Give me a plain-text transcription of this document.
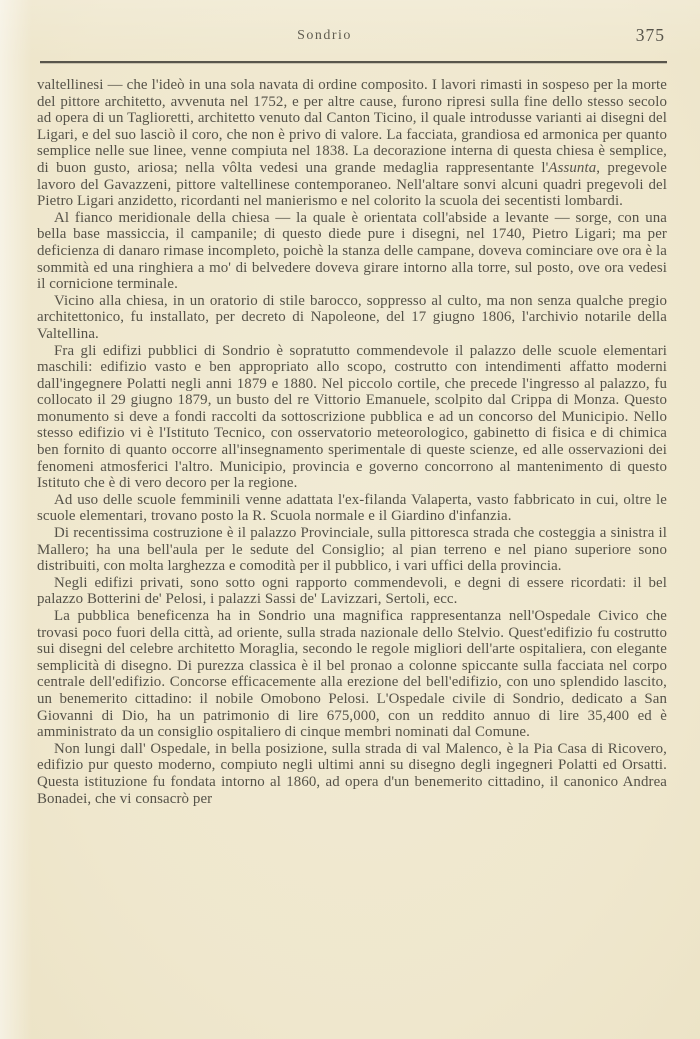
Sondrio	375

valtellinesi — che l'ideò in una sola navata di ordine composito. I lavori rimasti in sospeso per la morte del pittore architetto, avvenuta nel 1752, e per altre cause, furono ripresi sulla fine dello stesso secolo ad opera di un Taglioretti, architetto venuto dal Canton Ticino, il quale introdusse varianti ai disegni del Ligari, e del suo lasciò il coro, che non è privo di valore. La facciata, grandiosa ed armonica per quanto semplice nelle sue linee, venne compiuta nel 1838. La decorazione interna di questa chiesa è semplice, di buon gusto, ariosa; nella vôlta vedesi una grande medaglia rappresentante l'Assunta, pregevole lavoro del Gavazzeni, pittore valtellinese contemporaneo. Nell'altare sonvi alcuni quadri pregevoli del Pietro Ligari anzidetto, ricordanti nel manierismo e nel colorito la scuola dei secentisti lombardi.

Al fianco meridionale della chiesa — la quale è orientata coll'abside a levante — sorge, con una bella base massiccia, il campanile; di questo diede pure i disegni, nel 1740, Pietro Ligari; ma per deficienza di danaro rimase incompleto, poichè la stanza delle campane, doveva cominciare ove ora è la sommità ed una ringhiera a mo' di belvedere doveva girare intorno alla torre, sul posto, ove ora vedesi il cornicione terminale.

Vicino alla chiesa, in un oratorio di stile barocco, soppresso al culto, ma non senza qualche pregio architettonico, fu installato, per decreto di Napoleone, del 17 giugno 1806, l'archivio notarile della Valtellina.

Fra gli edifizi pubblici di Sondrio è sopratutto commendevole il palazzo delle scuole elementari maschili: edifizio vasto e ben appropriato allo scopo, costrutto con intendimenti affatto moderni dall'ingegnere Polatti negli anni 1879 e 1880. Nel piccolo cortile, che precede l'ingresso al palazzo, fu collocato il 29 giugno 1879, un busto del re Vittorio Emanuele, scolpito dal Crippa di Monza. Questo monumento si deve a fondi raccolti da sottoscrizione pubblica e ad un concorso del Municipio. Nello stesso edifizio vi è l'Istituto Tecnico, con osservatorio meteorologico, gabinetto di fisica e di chimica ben fornito di quanto occorre all'insegnamento sperimentale di queste scienze, ed alle osservazioni dei fenomeni atmosferici l'altro. Municipio, provincia e governo concorrono al mantenimento di questo Istituto che è di vero decoro per la regione.

Ad uso delle scuole femminili venne adattata l'ex-filanda Valaperta, vasto fabbricato in cui, oltre le scuole elementari, trovano posto la R. Scuola normale e il Giardino d'infanzia.

Di recentissima costruzione è il palazzo Provinciale, sulla pittoresca strada che costeggia a sinistra il Mallero; ha una bell'aula per le sedute del Consiglio; al pian terreno e nel piano superiore sono distribuiti, con molta larghezza e comodità per il pubblico, i vari uffici della provincia.

Negli edifizi privati, sono sotto ogni rapporto commendevoli, e degni di essere ricordati: il bel palazzo Botterini de' Pelosi, i palazzi Sassi de' Lavizzari, Sertoli, ecc.

La pubblica beneficenza ha in Sondrio una magnifica rappresentanza nell'Ospedale Civico che trovasi poco fuori della città, ad oriente, sulla strada nazionale dello Stelvio. Quest'edifizio fu costrutto sui disegni del celebre architetto Moraglia, secondo le regole migliori dell'arte ospitaliera, con elegante semplicità di disegno. Di purezza classica è il bel pronao a colonne spiccante sulla facciata nel corpo centrale dell'edifizio. Concorse efficacemente alla erezione del bell'edifizio, con uno splendido lascito, un benemerito cittadino: il nobile Omobono Pelosi. L'Ospedale civile di Sondrio, dedicato a San Giovanni di Dio, ha un patrimonio di lire 675,000, con un reddito annuo di lire 35,400 ed è amministrato da un consiglio ospitaliero di cinque membri nominati dal Comune.

Non lungi dall' Ospedale, in bella posizione, sulla strada di val Malenco, è la Pia Casa di Ricovero, edifizio pur questo moderno, compiuto negli ultimi anni su disegno degli ingegneri Polatti ed Orsatti. Questa istituzione fu fondata intorno al 1860, ad opera d'un benemerito cittadino, il canonico Andrea Bonadei, che vi consacrò per
